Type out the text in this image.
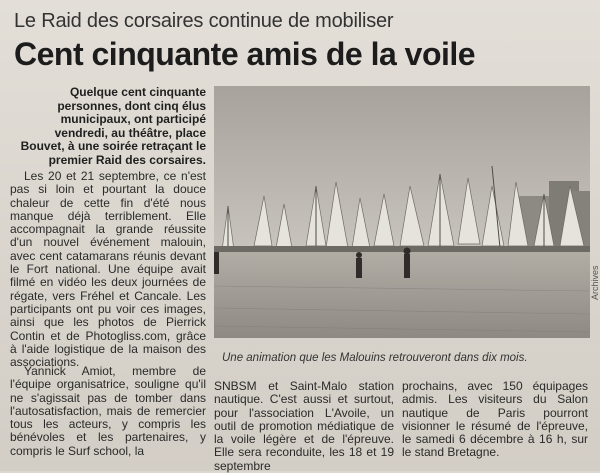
Le Raid des corsaires continue de mobiliser
Cent cinquante amis de la voile
Quelque cent cinquante personnes, dont cinq élus municipaux, ont participé vendredi, au théâtre, place Bouvet, à une soirée retraçant le premier Raid des corsaires.

Les 20 et 21 septembre, ce n'est pas si loin et pourtant la douce chaleur de cette fin d'été nous manque déjà terriblement. Elle accompagnait la grande réussite d'un nouvel événement malouin, avec cent catamarans réunis devant le Fort national. Une équipe avait filmé en vidéo les deux journées de régate, vers Fréhel et Cancale. Les participants ont pu voir ces images, ainsi que les photos de Pierrick Contin et de Photogliss.com, grâce à l'aide logistique de la maison des associations.

Yannick Amiot, membre de l'équipe organisatrice, souligne qu'il ne s'agissait pas de tomber dans l'autosatisfaction, mais de remercier tous les acteurs, y compris les bénévoles et les partenaires, y compris le Surf school, la

Archives
Une animation que les Malouins retrouveront dans dix mois.

SNBSM et Saint-Malo station nautique. C'est aussi et surtout, pour l'association L'Avoile, un outil de promotion médiatique de la voile légère et de l'épreuve. Elle sera reconduite, les 18 et 19 septembre

prochains, avec 150 équipages admis. Les visiteurs du Salon nautique de Paris pourront visionner le résumé de l'épreuve, le samedi 6 décembre à 16 h, sur le stand Bretagne.
